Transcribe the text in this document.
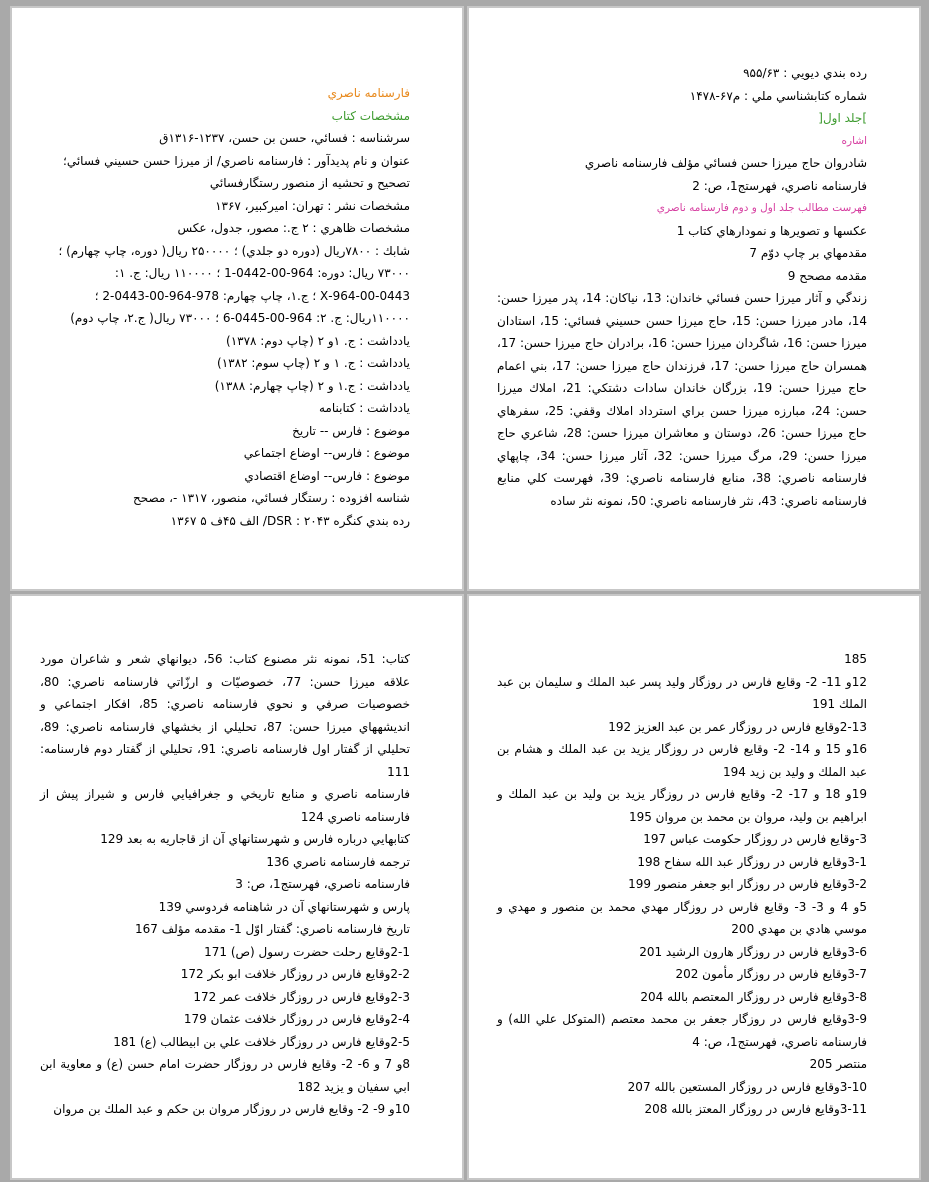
فارسنامه ناصري

مشخصات كتاب

سرشناسه : فسائي، حسن بن حسن، ۱۲۳۷-۱۳۱۶ق

عنوان و نام پديدآور : فارسنامه ناصري/ از ميرزا حسن حسيني فسائي؛

تصحيح و تحشيه از منصور رستگارفسائي

مشخصات نشر : تهران: اميركبير، ۱۳۶۷

مشخصات ظاهري : ۲ ج.: مصور، جدول، عكس

شابك : ۷۸۰۰ريال (دوره دو جلدي) ؛ ۲۵۰۰۰۰ ريال( دوره، چاپ چهارم) ؛

۷۳۰۰۰ ريال: دوره: 964-00-0442-1 ؛ ۱۱۰۰۰۰ ريال: ج. ۱:

964-00-0443-X ؛ ج.۱، چاپ چهارم: 978-964-00-0443-2 ؛

۱۱۰۰۰۰ريال: ج. ۲: 964-00-0445-6 ؛ ۷۳۰۰۰ ريال( ج.۲، چاپ دوم)

يادداشت : ج. ۱و ۲ (چاپ دوم: ۱۳۷۸)

يادداشت : ج. ۱ و ۲ (چاپ سوم: ۱۳۸۲)

يادداشت : ج.۱ و ۲ (چاپ چهارم: ۱۳۸۸)

يادداشت : كتابنامه

موضوع : فارس -- تاريخ

موضوع : فارس-- اوضاع اجتماعي

موضوع : فارس-- اوضاع اقتصادي

شناسه افزوده : رستگار فسائي، منصور، ۱۳۱۷ -، مصحح

رده بندي كنگره DSR : ۲۰۴۳/ الف ۴۵ف ۵ ۱۳۶۷

رده بندي ديويي : ۹۵۵/۶۳

شماره كتابشناسي ملي : م۶۷-۱۴۷۸

]جلد اول[

اشاره

شادروان حاج ميرزا حسن فسائي مؤلف فارسنامه ناصري

فارسنامه ناصري، فهرست‏ج‏1، ص: 2

فهرست مطالب جلد اول و دوم فارسنامه ناصري

عكسها و تصويرها و نمودارهاي كتاب 1

مقدمه‏اي بر چاپ دوّم 7

مقدمه مصحح 9

زندگي و آثار ميرزا حسن فسائي خاندان: 13، نياكان: 14، پدر ميرزا حسن: 14، مادر ميرزا حسن: 15، حاج ميرزا حسن حسيني فسائي: 15، استادان ميرزا حسن: 16، شاگردان ميرزا حسن: 16، برادران حاج ميرزا حسن: 17، همسران حاج ميرزا حسن: 17، فرزندان حاج ميرزا حسن: 17، بني اعمام حاج ميرزا حسن: 19، بزرگان خاندان سادات دشتكي: 21، املاك ميرزا حسن: 24، مبارزه ميرزا حسن براي استرداد املاك وقفي: 25، سفرهاي حاج ميرزا حسن: 26، دوستان و معاشران ميرزا حسن: 28، شاعري حاج ميرزا حسن: 29، مرگ ميرزا حسن: 32، آثار ميرزا حسن: 34، چاپهاي فارسنامه ناصري: 38، منابع فارسنامه ناصري: 39، فهرست كلي منابع فارسنامه ناصري: 43، نثر فارسنامه ناصري: 50، نمونه نثر ساده

كتاب: 51، نمونه نثر مصنوع كتاب: 56، ديوانهاي شعر و شاعران مورد علاقه ميرزا حسن: 77، خصوصيّات و ارزّاتي فارسنامه ناصري: 80، خصوصيات صرفي و نحوي فارسنامه ناصري: 85، افكار اجتماعي و انديشه‏هاي ميرزا حسن: 87، تحليلي از بخشهاي فارسنامه ناصري: 89، تحليلي از گفتار اول فارسنامه ناصري: 91، تحليلي از گفتار دوم فارسنامه: 111

فارسنامه ناصري و منابع تاريخي و جغرافيايي فارس و شيراز پيش از فارسنامه ناصري 124

كتابهايي درباره فارس و شهرستانهاي آن از قاجاريه به بعد 129

ترجمه فارسنامه ناصري 136

فارسنامه ناصري، فهرست‏ج‏1، ص: 3

پارس و شهرستانهاي آن در شاهنامه فردوسي 139

تاريخ فارسنامه ناصري: گفتار اوّل 1- مقدمه مؤلف 167

2-1وقايع رحلت حضرت رسول (ص) 171

2-2وقايع فارس در روزگار خلافت ابو بكر 172

2-3وقايع فارس در روزگار خلافت عمر 172

2-4وقايع فارس در روزگار خلافت عثمان 179

2-5وقايع فارس در روزگار خلافت علي بن ابيطالب (ع) 181

8و 7 و 6- 2- وقايع فارس در روزگار حضرت امام حسن (ع) و معاوية ابن ابي سفيان و يزيد 182

10و 9- 2- وقايع فارس در روزگار مروان بن حكم و عبد الملك بن مروان

185

12و 11- 2- وقايع فارس در روزگار وليد پسر عبد الملك و سليمان بن عبد الملك 191

2-13وقايع فارس در روزگار عمر بن عبد العزيز 192

16و 15 و 14- 2- وقايع فارس در روزگار يزيد بن عبد الملك و هشام بن عبد الملك و وليد بن زيد 194

19و 18 و 17- 2- وقايع فارس در روزگار يزيد بن وليد بن عبد الملك و ابراهيم بن وليد، مروان بن محمد بن مروان 195

3-وقايع فارس در روزگار حكومت عباس 197

3-1وقايع فارس در روزگار عبد الله سفاح 198

3-2وقايع فارس در روزگار ابو جعفر منصور 199

5و 4 و 3- 3- وقايع فارس در روزگار مهدي محمد بن منصور و مهدي و موسي هادي بن مهدي 200

3-6وقايع فارس در روزگار هارون الرشيد 201

3-7وقايع فارس در روزگار مأمون 202

3-8وقايع فارس در روزگار المعتصم بالله 204

3-9وقايع فارس در روزگار جعفر بن محمد معتصم (المتوكل علي الله) و فارسنامه ناصري، فهرست‏ج‏1، ص: 4

منتصر 205

3-10وقايع فارس در روزگار المستعين بالله 207

3-11وقايع فارس در روزگار المعتز بالله 208
